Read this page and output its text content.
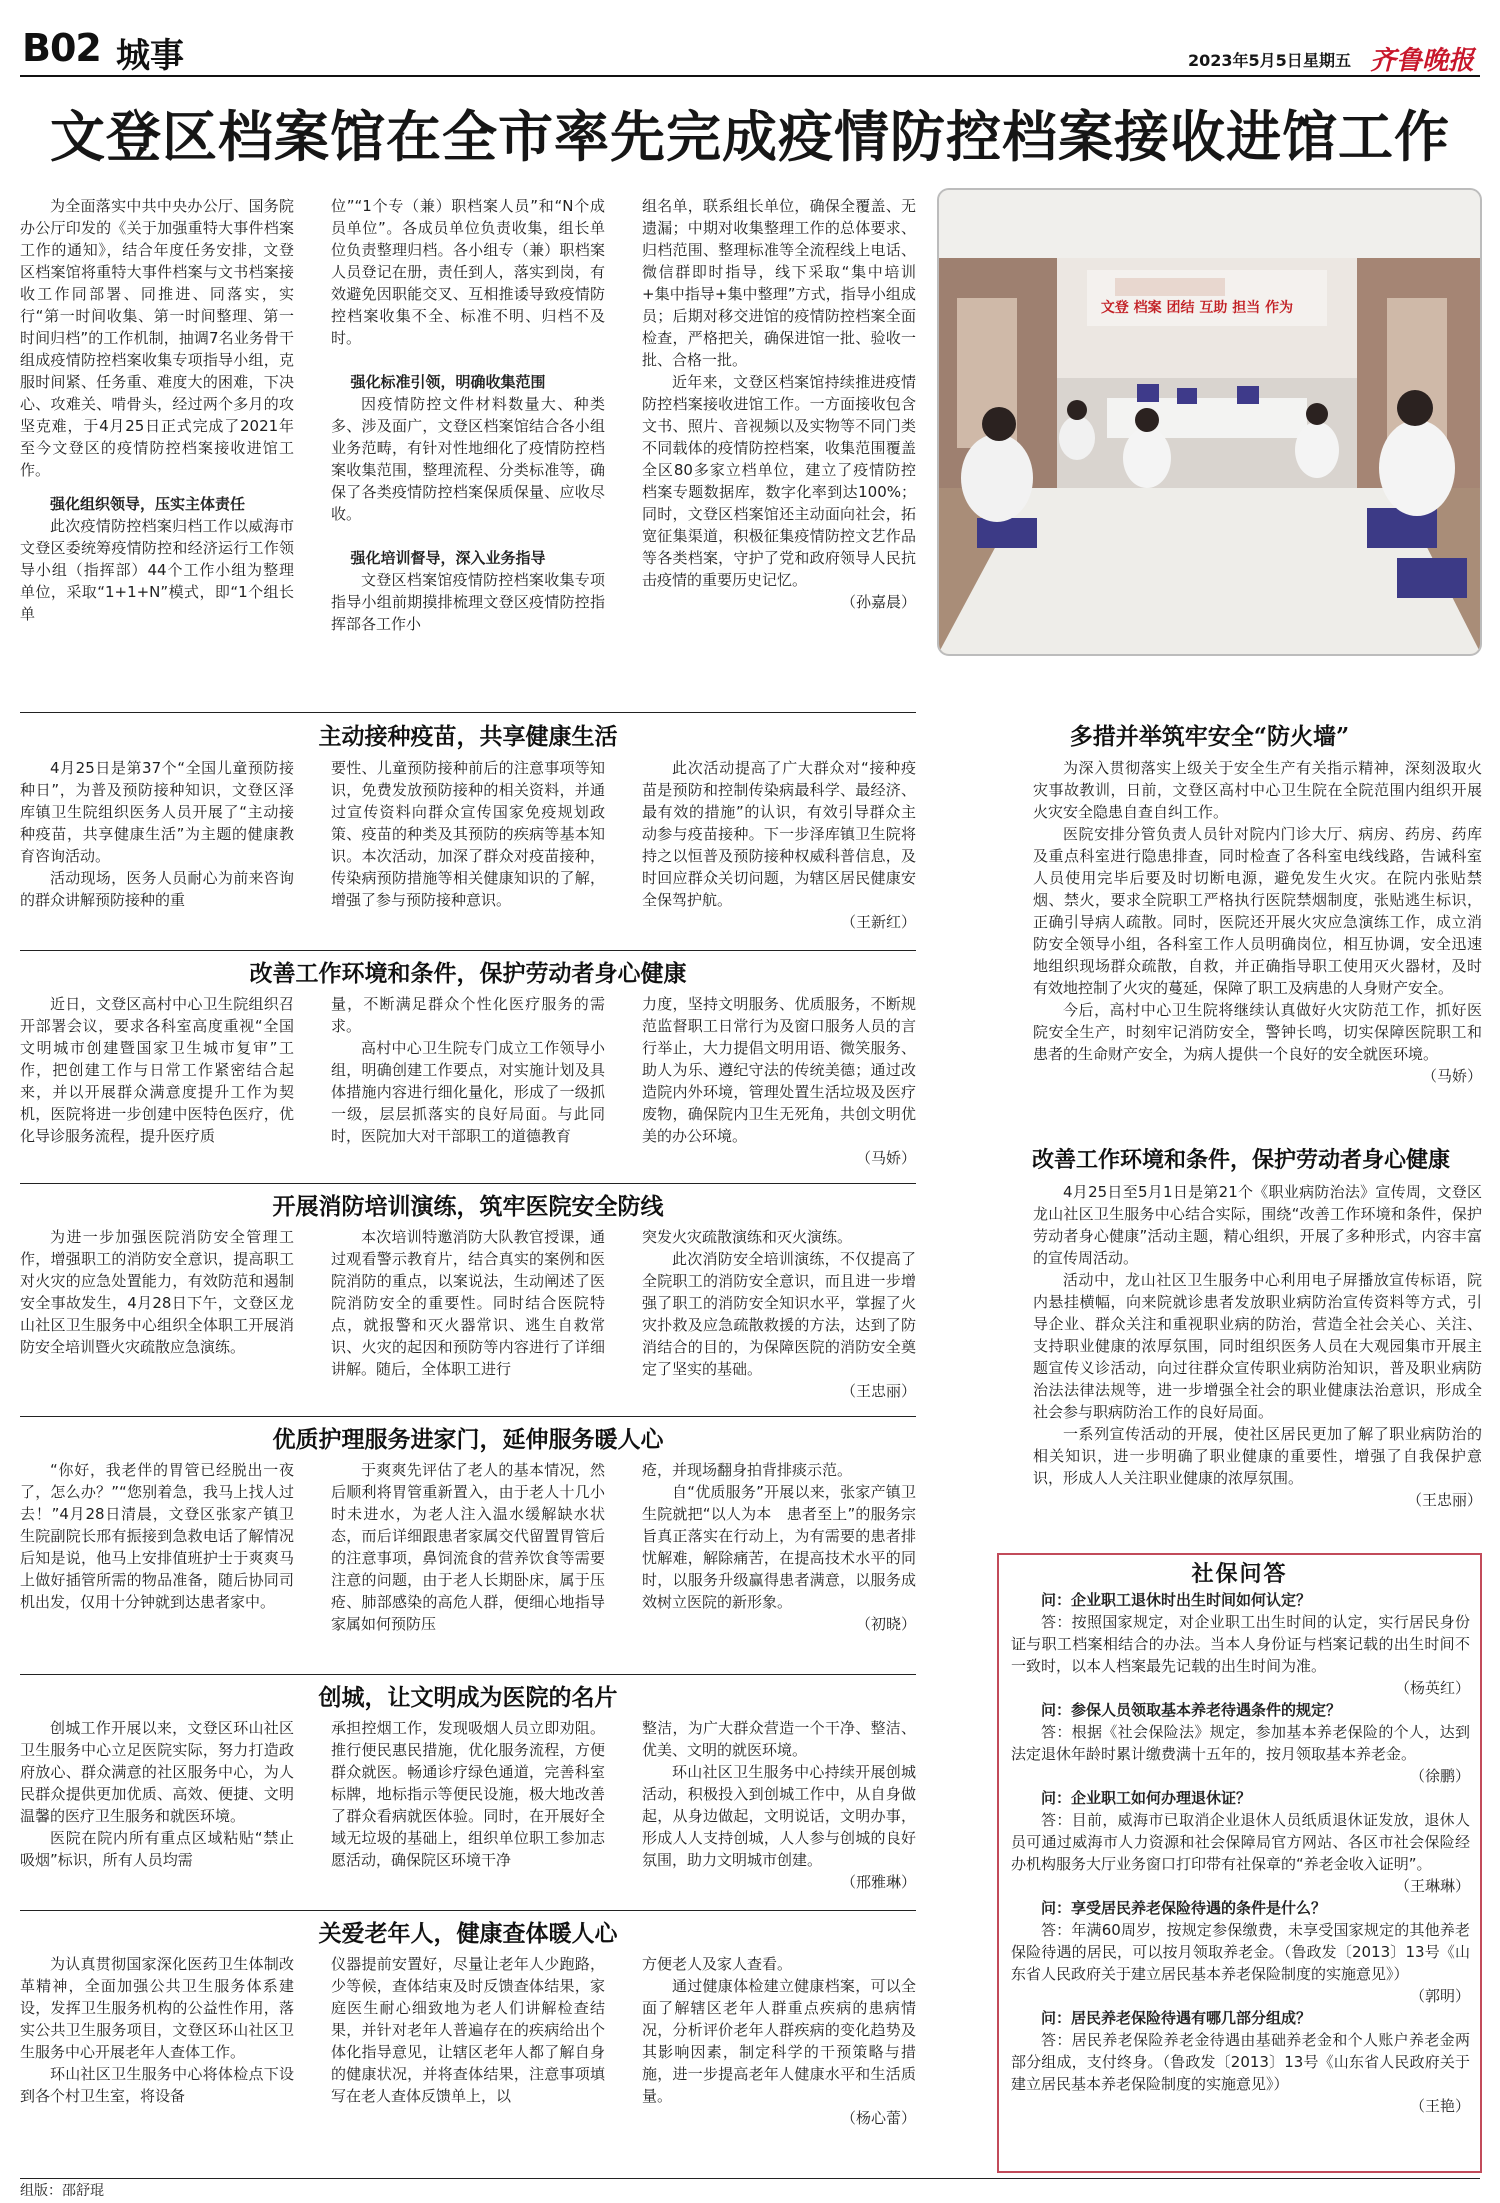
B02 城事	2023年5月5日 星期五 齐鲁晚报
文登区档案馆在全市率先完成疫情防控档案接收进馆工作
为全面落实中共中央办公厅、国务院办公厅印发的《关于加强重特大事件档案工作的通知》，结合年度任务安排，文登区档案馆将重特大事件档案与文书档案接收工作同部署、同推进、同落实，实行“第一时间收集、第一时间整理、第一时间归档”的工作机制，抽调7名业务骨干组成疫情防控档案收集专项指导小组，克服时间紧、任务重、难度大的困难，下决心、攻难关、啃骨头，经过两个多月的攻坚克难，于4月25日正式完成了2021年至今文登区的疫情防控档案接收进馆工作。
强化组织领导，压实主体责任
此次疫情防控档案归档工作以威海市文登区委统筹疫情防控和经济运行工作领导小组（指挥部）44个工作小组为整理单位，采取“1+1+N”模式，即“1个组长单
位”“1个专（兼）职档案人员”和“N个成员单位”。各成员单位负责收集，组长单位负责整理归档。各小组专（兼）职档案人员登记在册，责任到人，落实到岗，有效避免因职能交叉、互相推诿导致疫情防控档案收集不全、标准不明、归档不及时。
强化标准引领，明确收集范围
因疫情防控文件材料数量大、种类多、涉及面广，文登区档案馆结合各小组业务范畴，有针对性地细化了疫情防控档案收集范围，整理流程、分类标准等，确保了各类疫情防控档案保质保量、应收尽收。
强化培训督导，深入业务指导
文登区档案馆疫情防控档案收集专项指导小组前期摸排梳理文登区疫情防控指挥部各工作小
组名单，联系组长单位，确保全覆盖、无遗漏；中期对收集整理工作的总体要求、归档范围、整理标准等全流程线上电话、微信群即时指导，线下采取“集中培训+集中指导+集中整理”方式，指导小组成员；后期对移交进馆的疫情防控档案全面检查，严格把关，确保进馆一批、验收一批、合格一批。
近年来，文登区档案馆持续推进疫情防控档案接收进馆工作。一方面接收包含文书、照片、音视频以及实物等不同门类不同载体的疫情防控档案，收集范围覆盖全区80多家立档单位，建立了疫情防控档案专题数据库，数字化率到达100%；同时，文登区档案馆还主动面向社会，拓宽征集渠道，积极征集疫情防控文艺作品等各类档案，守护了党和政府领导人民抗击疫情的重要历史记忆。
（孙嘉晨）
文登 档案 团结 互助 担当 作为
主动接种疫苗，共享健康生活
4月25日是第37个“全国儿童预防接种日”，为普及预防接种知识，文登区泽库镇卫生院组织医务人员开展了“主动接种疫苗，共享健康生活”为主题的健康教育咨询活动。
活动现场，医务人员耐心为前来咨询的群众讲解预防接种的重
要性、儿童预防接种前后的注意事项等知识，免费发放预防接种的相关资料，并通过宣传资料向群众宣传国家免疫规划政策、疫苗的种类及其预防的疾病等基本知识。本次活动，加深了群众对疫苗接种，传染病预防措施等相关健康知识的了解，增强了参与预防接种意识。
此次活动提高了广大群众对“接种疫苗是预防和控制传染病最科学、最经济、最有效的措施”的认识，有效引导群众主动参与疫苗接种。下一步泽库镇卫生院将持之以恒普及预防接种权威科普信息，及时回应群众关切问题，为辖区居民健康安全保驾护航。
（王新红）
改善工作环境和条件，保护劳动者身心健康
近日，文登区高村中心卫生院组织召开部署会议，要求各科室高度重视“全国文明城市创建暨国家卫生城市复审”工作，把创建工作与日常工作紧密结合起来，并以开展群众满意度提升工作为契机，医院将进一步创建中医特色医疗，优化导诊服务流程，提升医疗质
量，不断满足群众个性化医疗服务的需求。
高村中心卫生院专门成立工作领导小组，明确创建工作要点，对实施计划及具体措施内容进行细化量化，形成了一级抓一级，层层抓落实的良好局面。与此同时，医院加大对干部职工的道德教育
力度，坚持文明服务、优质服务，不断规范监督职工日常行为及窗口服务人员的言行举止，大力提倡文明用语、微笑服务、助人为乐、遵纪守法的传统美德；通过改造院内外环境，管理处置生活垃圾及医疗废物，确保院内卫生无死角，共创文明优美的办公环境。
（马娇）
开展消防培训演练，筑牢医院安全防线
为进一步加强医院消防安全管理工作，增强职工的消防安全意识，提高职工对火灾的应急处置能力，有效防范和遏制安全事故发生，4月28日下午，文登区龙山社区卫生服务中心组织全体职工开展消防安全培训暨火灾疏散应急演练。
本次培训特邀消防大队教官授课，通过观看警示教育片，结合真实的案例和医院消防的重点，以案说法，生动阐述了医院消防安全的重要性。同时结合医院特点，就报警和灭火器常识、逃生自救常识、火灾的起因和预防等内容进行了详细讲解。随后，全体职工进行
突发火灾疏散演练和灭火演练。
此次消防安全培训演练，不仅提高了全院职工的消防安全意识，而且进一步增强了职工的消防安全知识水平，掌握了火灾扑救及应急疏散救援的方法，达到了防消结合的目的，为保障医院的消防安全奠定了坚实的基础。
（王忠丽）
优质护理服务进家门，延伸服务暖人心
“你好，我老伴的胃管已经脱出一夜了，怎么办？”“您别着急，我马上找人过去！”4月28日清晨，文登区张家产镇卫生院副院长邢有振接到急救电话了解情况后知是说，他马上安排值班护士于爽爽马上做好插管所需的物品准备，随后协同司机出发，仅用十分钟就到达患者家中。
于爽爽先评估了老人的基本情况，然后顺利将胃管重新置入，由于老人十几小时未进水，为老人注入温水缓解缺水状态，而后详细跟患者家属交代留置胃管后的注意事项，鼻饲流食的营养饮食等需要注意的问题，由于老人长期卧床，属于压疮、肺部感染的高危人群，便细心地指导家属如何预防压
疮，并现场翻身拍背排痰示范。
自“优质服务”开展以来，张家产镇卫生院就把“以人为本　患者至上”的服务宗旨真正落实在行动上，为有需要的患者排忧解难，解除痛苦，在提高技术水平的同时，以服务升级赢得患者满意，以服务成效树立医院的新形象。
（初晓）
创城，让文明成为医院的名片
创城工作开展以来，文登区环山社区卫生服务中心立足医院实际，努力打造政府放心、群众满意的社区服务中心，为人民群众提供更加优质、高效、便捷、文明温馨的医疗卫生服务和就医环境。
医院在院内所有重点区域粘贴“禁止吸烟”标识，所有人员均需
承担控烟工作，发现吸烟人员立即劝阻。推行便民惠民措施，优化服务流程，方便群众就医。畅通诊疗绿色通道，完善科室标牌，地标指示等便民设施，极大地改善了群众看病就医体验。同时，在开展好全域无垃圾的基础上，组织单位职工参加志愿活动，确保院区环境干净
整洁，为广大群众营造一个干净、整洁、优美、文明的就医环境。
环山社区卫生服务中心持续开展创城活动，积极投入到创城工作中，从自身做起，从身边做起，文明说话，文明办事，形成人人支持创城，人人参与创城的良好氛围，助力文明城市创建。
（邢雅琳）
关爱老年人，健康查体暖人心
为认真贯彻国家深化医药卫生体制改革精神，全面加强公共卫生服务体系建设，发挥卫生服务机构的公益性作用，落实公共卫生服务项目，文登区环山社区卫生服务中心开展老年人查体工作。
环山社区卫生服务中心将体检点下设到各个村卫生室，将设备
仪器提前安置好，尽量让老年人少跑路，少等候，查体结束及时反馈查体结果，家庭医生耐心细致地为老人们讲解检查结果，并针对老年人普遍存在的疾病给出个体化指导意见，让辖区老年人都了解自身的健康状况，并将查体结果，注意事项填写在老人查体反馈单上，以
方便老人及家人查看。
通过健康体检建立健康档案，可以全面了解辖区老年人群重点疾病的患病情况，分析评价老年人群疾病的变化趋势及其影响因素，制定科学的干预策略与措施，进一步提高老年人健康水平和生活质量。
（杨心蕾）
多措并举筑牢安全“防火墙”
为深入贯彻落实上级关于安全生产有关指示精神，深刻汲取火灾事故教训，日前，文登区高村中心卫生院在全院范围内组织开展火灾安全隐患自查自纠工作。
医院安排分管负责人员针对院内门诊大厅、病房、药房、药库及重点科室进行隐患排查，同时检查了各科室电线线路，告诫科室人员使用完毕后要及时切断电源，避免发生火灾。在院内张贴禁烟、禁火，要求全院职工严格执行医院禁烟制度，张贴逃生标识，正确引导病人疏散。同时，医院还开展火灾应急演练工作，成立消防安全领导小组，各科室工作人员明确岗位，相互协调，安全迅速地组织现场群众疏散，自救，并正确指导职工使用灭火器材，及时有效地控制了火灾的蔓延，保障了职工及病患的人身财产安全。
今后，高村中心卫生院将继续认真做好火灾防范工作，抓好医院安全生产，时刻牢记消防安全，警钟长鸣，切实保障医院职工和患者的生命财产安全，为病人提供一个良好的安全就医环境。
（马娇）
改善工作环境和条件，保护劳动者身心健康
4月25日至5月1日是第21个《职业病防治法》宣传周，文登区龙山社区卫生服务中心结合实际，围绕“改善工作环境和条件，保护劳动者身心健康”活动主题，精心组织，开展了多种形式，内容丰富的宣传周活动。
活动中，龙山社区卫生服务中心利用电子屏播放宣传标语，院内悬挂横幅，向来院就诊患者发放职业病防治宣传资料等方式，引导企业、群众关注和重视职业病的防治，营造全社会关心、关注、支持职业健康的浓厚氛围，同时组织医务人员在大观园集市开展主题宣传义诊活动，向过往群众宣传职业病防治知识，普及职业病防治法法律法规等，进一步增强全社会的职业健康法治意识，形成全社会参与职病防治工作的良好局面。
一系列宣传活动的开展，使社区居民更加了解了职业病防治的相关知识，进一步明确了职业健康的重要性，增强了自我保护意识，形成人人关注职业健康的浓厚氛围。
（王忠丽）
社保问答
问：企业职工退休时出生时间如何认定？
答：按照国家规定，对企业职工出生时间的认定，实行居民身份证与职工档案相结合的办法。当本人身份证与档案记载的出生时间不一致时，以本人档案最先记载的出生时间为准。
（杨英红）
问：参保人员领取基本养老待遇条件的规定？
答：根据《社会保险法》规定，参加基本养老保险的个人，达到法定退休年龄时累计缴费满十五年的，按月领取基本养老金。
（徐鹏）
问：企业职工如何办理退休证？
答：目前，威海市已取消企业退休人员纸质退休证发放，退休人员可通过威海市人力资源和社会保障局官方网站、各区市社会保险经办机构服务大厅业务窗口打印带有社保章的“养老金收入证明”。
（王琳琳）
问：享受居民养老保险待遇的条件是什么？
答：年满60周岁，按规定参保缴费，未享受国家规定的其他养老保险待遇的居民，可以按月领取养老金。（鲁政发〔2013〕13号《山东省人民政府关于建立居民基本养老保险制度的实施意见》）
（郭明）
问：居民养老保险待遇有哪几部分组成？
答：居民养老保险养老金待遇由基础养老金和个人账户养老金两部分组成，支付终身。（鲁政发〔2013〕13号《山东省人民政府关于建立居民基本养老保险制度的实施意见》）
（王艳）
组版：邵舒琨
